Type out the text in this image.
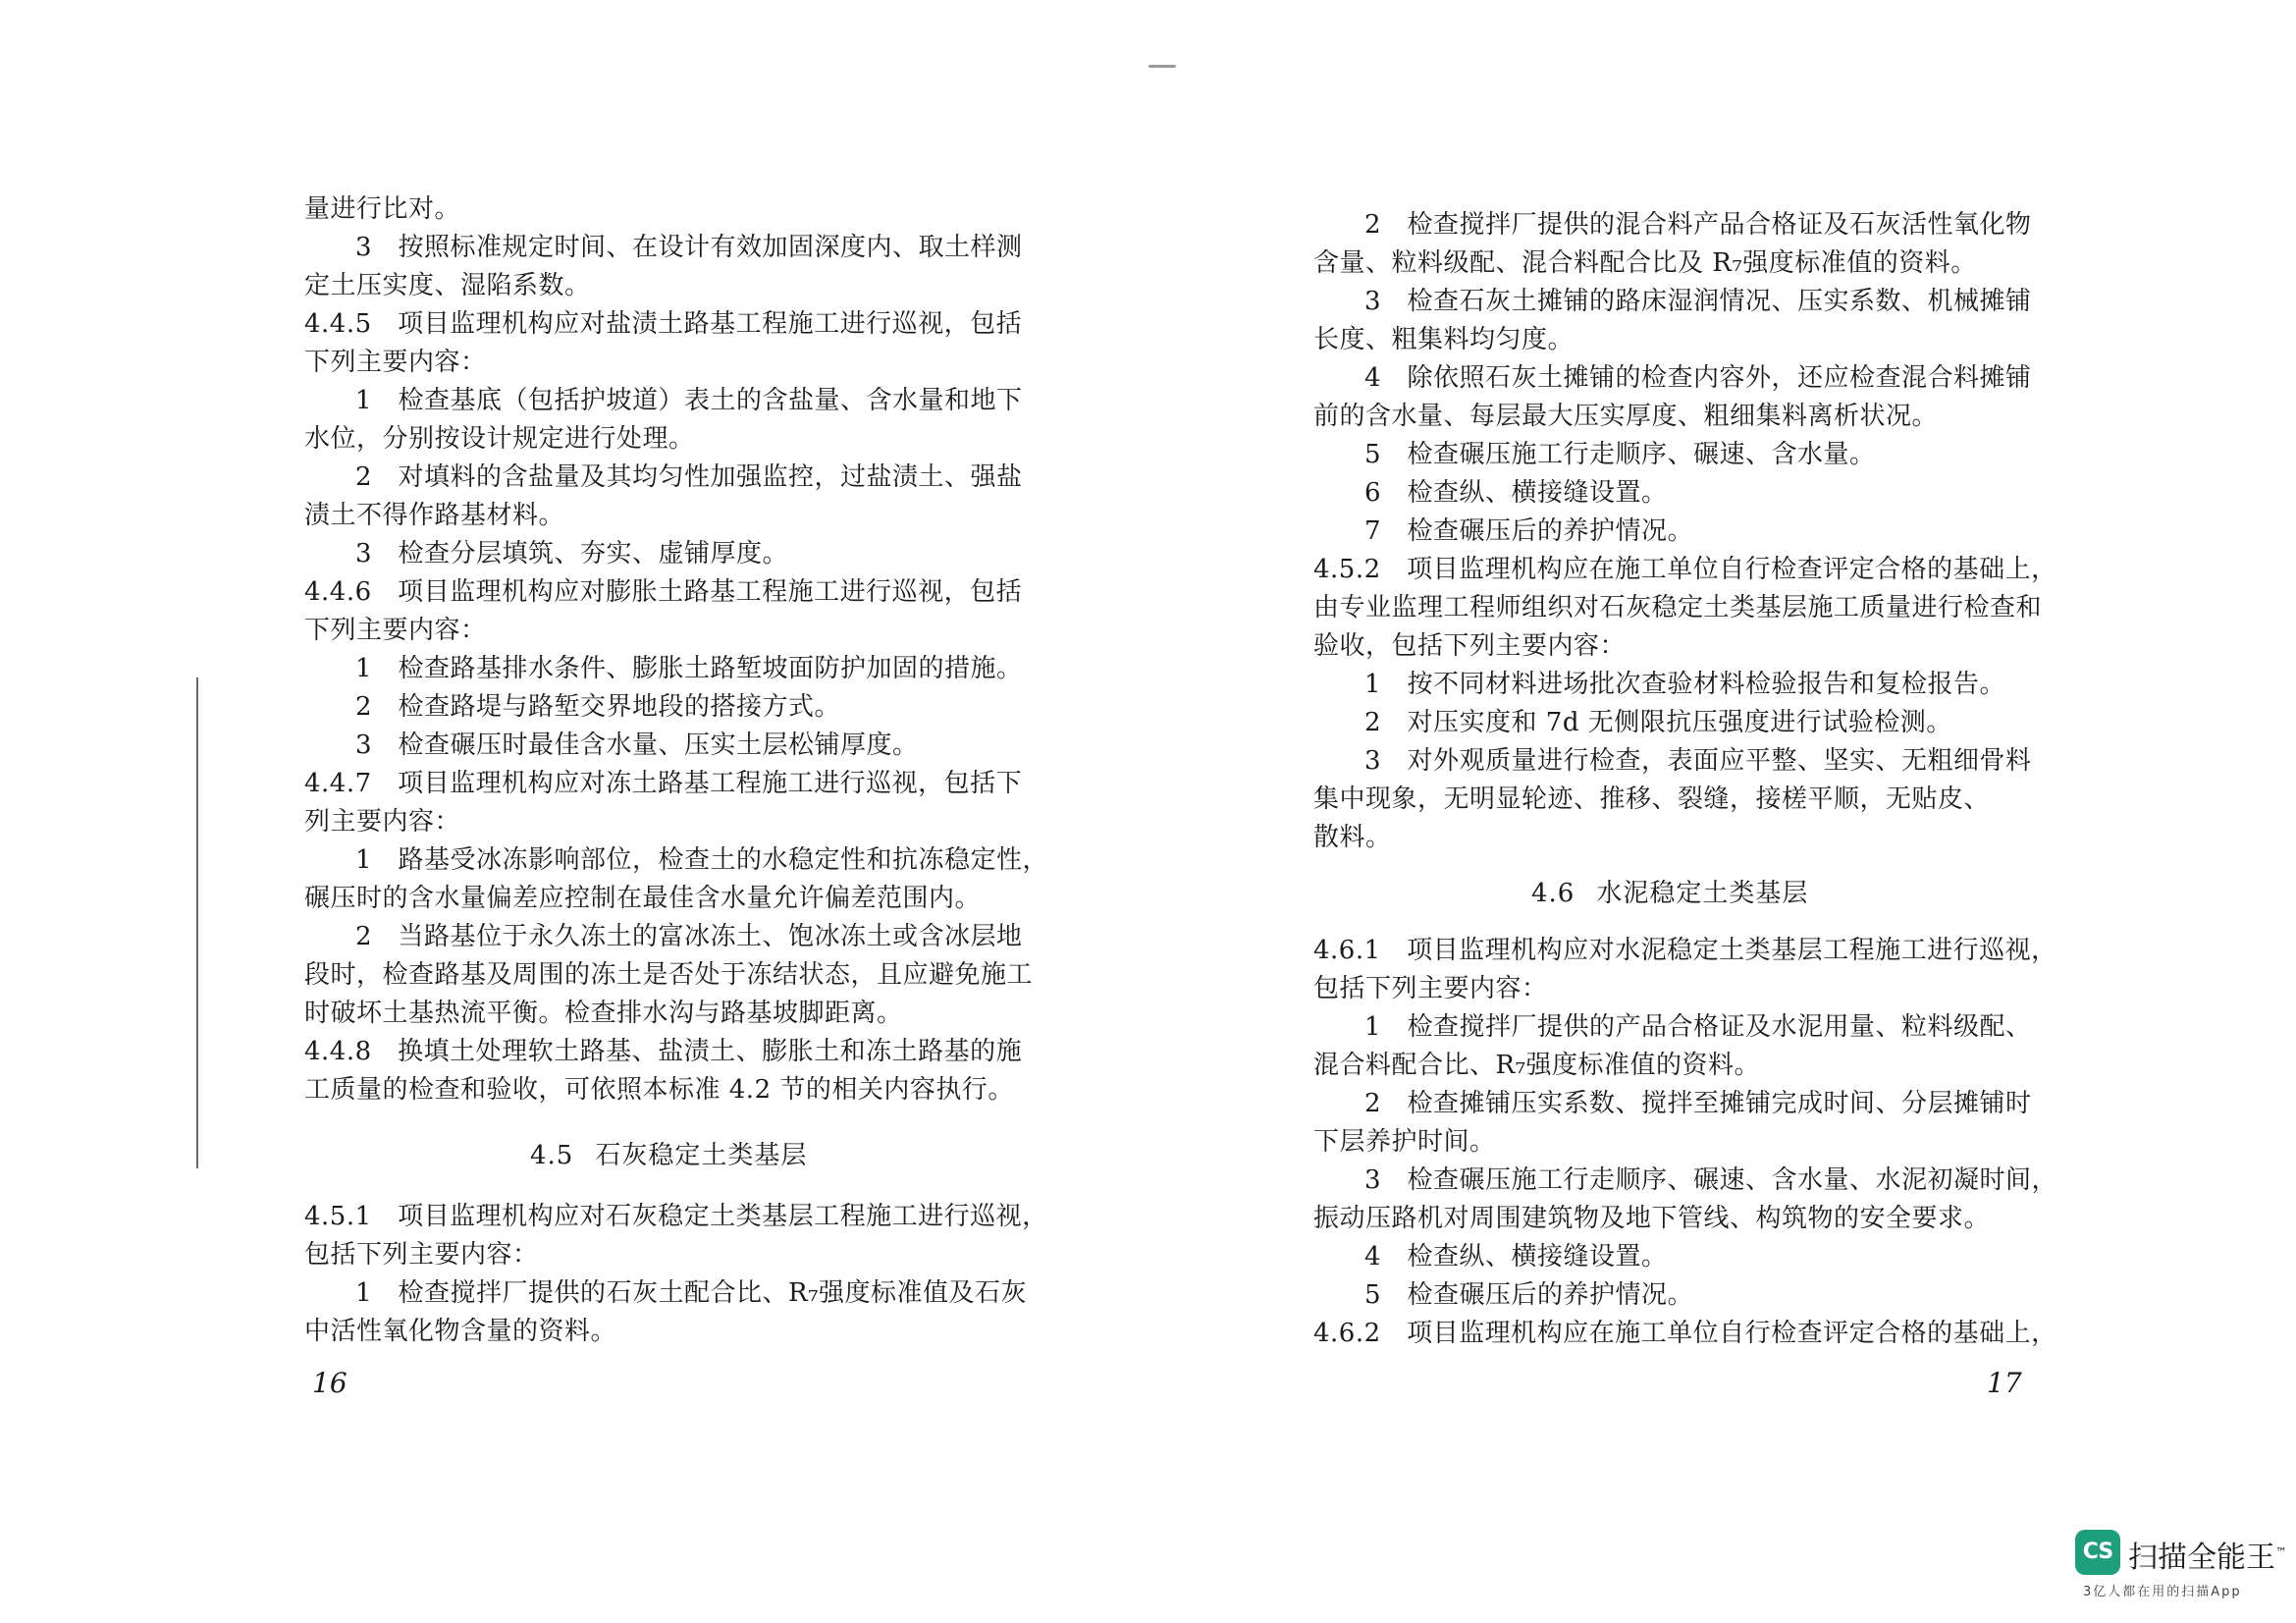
量进行比对。
3　按照标准规定时间、在设计有效加固深度内、取土样测
定土压实度、湿陷系数。
4.4.5　项目监理机构应对盐渍土路基工程施工进行巡视，包括
下列主要内容：
1　检查基底（包括护坡道）表土的含盐量、含水量和地下
水位，分别按设计规定进行处理。
2　对填料的含盐量及其均匀性加强监控，过盐渍土、强盐
渍土不得作路基材料。
3　检查分层填筑、夯实、虚铺厚度。
4.4.6　项目监理机构应对膨胀土路基工程施工进行巡视，包括
下列主要内容：
1　检查路基排水条件、膨胀土路堑坡面防护加固的措施。
2　检查路堤与路堑交界地段的搭接方式。
3　检查碾压时最佳含水量、压实土层松铺厚度。
4.4.7　项目监理机构应对冻土路基工程施工进行巡视，包括下
列主要内容：
1　路基受冰冻影响部位，检查土的水稳定性和抗冻稳定性，
碾压时的含水量偏差应控制在最佳含水量允许偏差范围内。
2　当路基位于永久冻土的富冰冻土、饱冰冻土或含冰层地
段时，检查路基及周围的冻土是否处于冻结状态，且应避免施工
时破坏土基热流平衡。检查排水沟与路基坡脚距离。
4.4.8　换填土处理软土路基、盐渍土、膨胀土和冻土路基的施
工质量的检查和验收，可依照本标准 4.2 节的相关内容执行。
4.5 石灰稳定土类基层
4.5.1　项目监理机构应对石灰稳定土类基层工程施工进行巡视，
包括下列主要内容：
1　检查搅拌厂提供的石灰土配合比、R₇强度标准值及石灰
中活性氧化物含量的资料。
16
2　检查搅拌厂提供的混合料产品合格证及石灰活性氧化物
含量、粒料级配、混合料配合比及 R₇强度标准值的资料。
3　检查石灰土摊铺的路床湿润情况、压实系数、机械摊铺
长度、粗集料均匀度。
4　除依照石灰土摊铺的检查内容外，还应检查混合料摊铺
前的含水量、每层最大压实厚度、粗细集料离析状况。
5　检查碾压施工行走顺序、碾速、含水量。
6　检查纵、横接缝设置。
7　检查碾压后的养护情况。
4.5.2　项目监理机构应在施工单位自行检查评定合格的基础上，
由专业监理工程师组织对石灰稳定土类基层施工质量进行检查和
验收，包括下列主要内容：
1　按不同材料进场批次查验材料检验报告和复检报告。
2　对压实度和 7d 无侧限抗压强度进行试验检测。
3　对外观质量进行检查，表面应平整、坚实、无粗细骨料
集中现象，无明显轮迹、推移、裂缝，接槎平顺，无贴皮、
散料。
4.6 水泥稳定土类基层
4.6.1　项目监理机构应对水泥稳定土类基层工程施工进行巡视，
包括下列主要内容：
1　检查搅拌厂提供的产品合格证及水泥用量、粒料级配、
混合料配合比、R₇强度标准值的资料。
2　检查摊铺压实系数、搅拌至摊铺完成时间、分层摊铺时
下层养护时间。
3　检查碾压施工行走顺序、碾速、含水量、水泥初凝时间，
振动压路机对周围建筑物及地下管线、构筑物的安全要求。
4　检查纵、横接缝设置。
5　检查碾压后的养护情况。
4.6.2　项目监理机构应在施工单位自行检查评定合格的基础上，
17
CS 扫描全能王™
3亿人都在用的扫描App
